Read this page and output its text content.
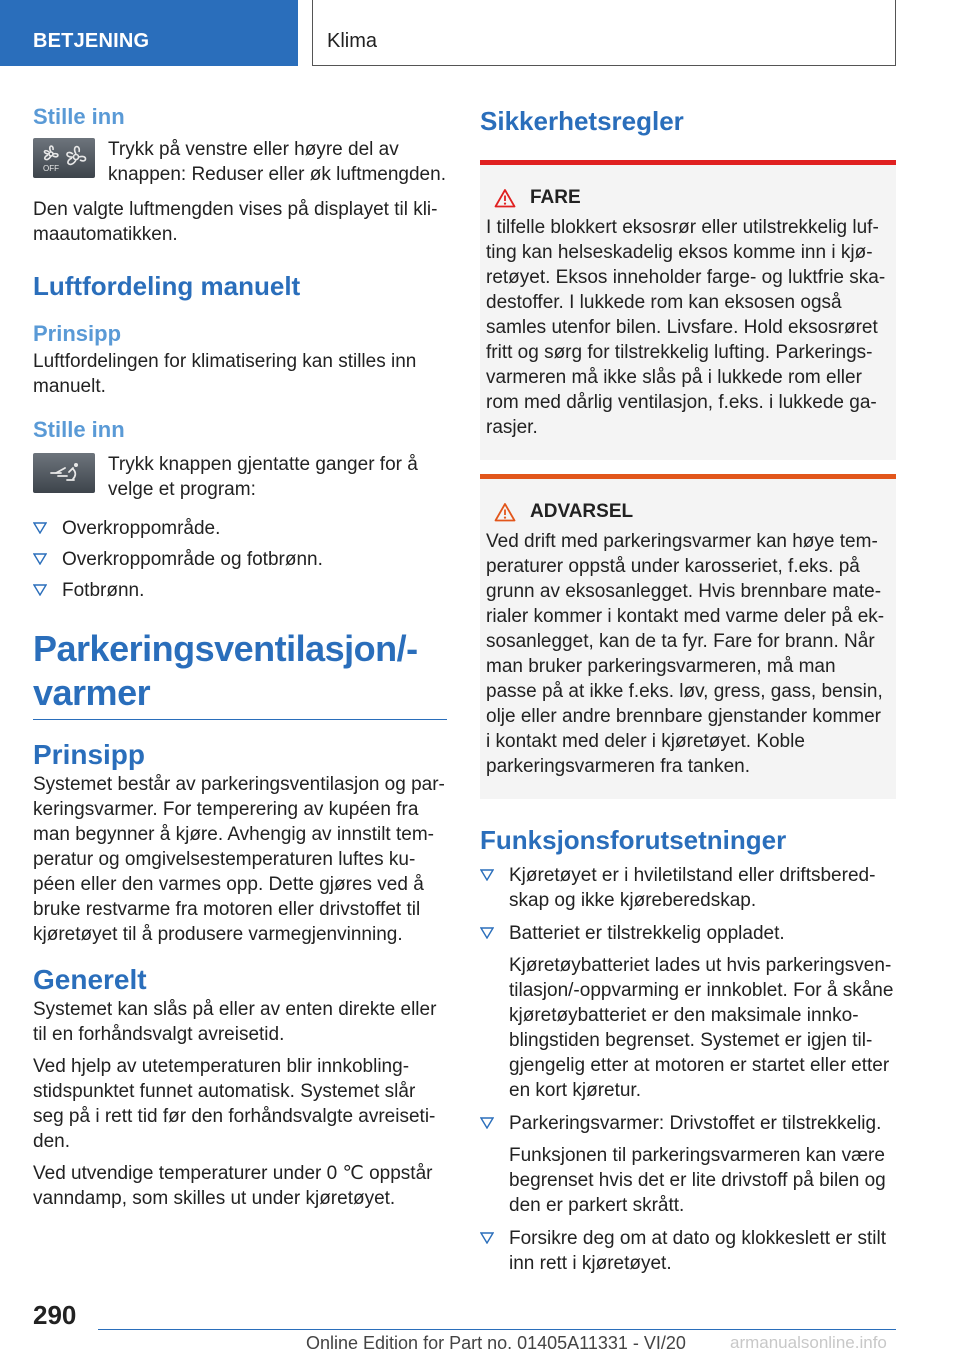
BETJENING	Klima
Stille inn
OFF

Trykk på venstre eller høyre del av knappen: Reduser eller øk luftmengden.

Den valgte luftmengden vises på displayet til klimaautomatikken.

Luftfordeling manuelt
Prinsipp

Luftfordelingen for klimatisering kan stilles inn manuelt.

Stille inn

Trykk knappen gjentatte ganger for å velge et program:

Overkroppområde.
Overkroppområde og fotbrønn.
Fotbrønn.
Parkeringsventilasjon/-
varmer
Prinsipp

Systemet består av parkeringsventilasjon og parkeringsvarmer. For temperering av kupéen fra man begynner å kjøre. Avhengig av innstilt temperatur og omgivelsestemperaturen luftes kupéen eller den varmes opp. Dette gjøres ved å bruke restvarme fra motoren eller drivstoffet til kjøretøyet til å produsere varmegjenvinning.

Generelt

Systemet kan slås på eller av enten direkte eller til en forhåndsvalgt avreisetid.

Ved hjelp av utetemperaturen blir innkoblingstidspunktet funnet automatisk. Systemet slår seg på i rett tid før den forhåndsvalgte avreisetiden.

Ved utvendige temperaturer under 0 ℃ oppstår vanndamp, som skilles ut under kjøretøyet.

Sikkerhetsregler
FARE

I tilfelle blokkert eksosrør eller utilstrekkelig lufting kan helseskadelig eksos komme inn i kjøretøyet. Eksos inneholder farge- og luktfrie skadestoffer. I lukkede rom kan eksosen også samles utenfor bilen. Livsfare. Hold eksosrøret fritt og sørg for tilstrekkelig lufting. Parkeringsvarmeren må ikke slås på i lukkede rom eller rom med dårlig ventilasjon, f.eks. i lukkede garasjer.

ADVARSEL

Ved drift med parkeringsvarmer kan høye temperaturer oppstå under karosseriet, f.eks. på grunn av eksosanlegget. Hvis brennbare materialer kommer i kontakt med varme deler på eksosanlegget, kan de ta fyr. Fare for brann. Når man bruker parkeringsvarmeren, må man passe på at ikke f.eks. løv, gress, gass, bensin, olje eller andre brennbare gjenstander kommer i kontakt med deler i kjøretøyet. Koble parkeringsvarmeren fra tanken.

Funksjonsforutsetninger
Kjøretøyet er i hviletilstand eller driftsberedskap og ikke kjøreberedskap.
Batteriet er tilstrekkelig oppladet.
Kjøretøybatteriet lades ut hvis parkeringsventilasjon/-oppvarming er innkoblet. For å skåne kjøretøybatteriet er den maksimale innkoblingstiden begrenset. Systemet er igjen tilgjengelig etter at motoren er startet eller etter en kort kjøretur.
Parkeringsvarmer: Drivstoffet er tilstrekkelig.
Funksjonen til parkeringsvarmeren kan være begrenset hvis det er lite drivstoff på bilen og den er parkert skrått.
Forsikre deg om at dato og klokkeslett er stilt inn rett i kjøretøyet.
290
Online Edition for Part no. 01405A11331 - VI/20	armanualsonline.info
